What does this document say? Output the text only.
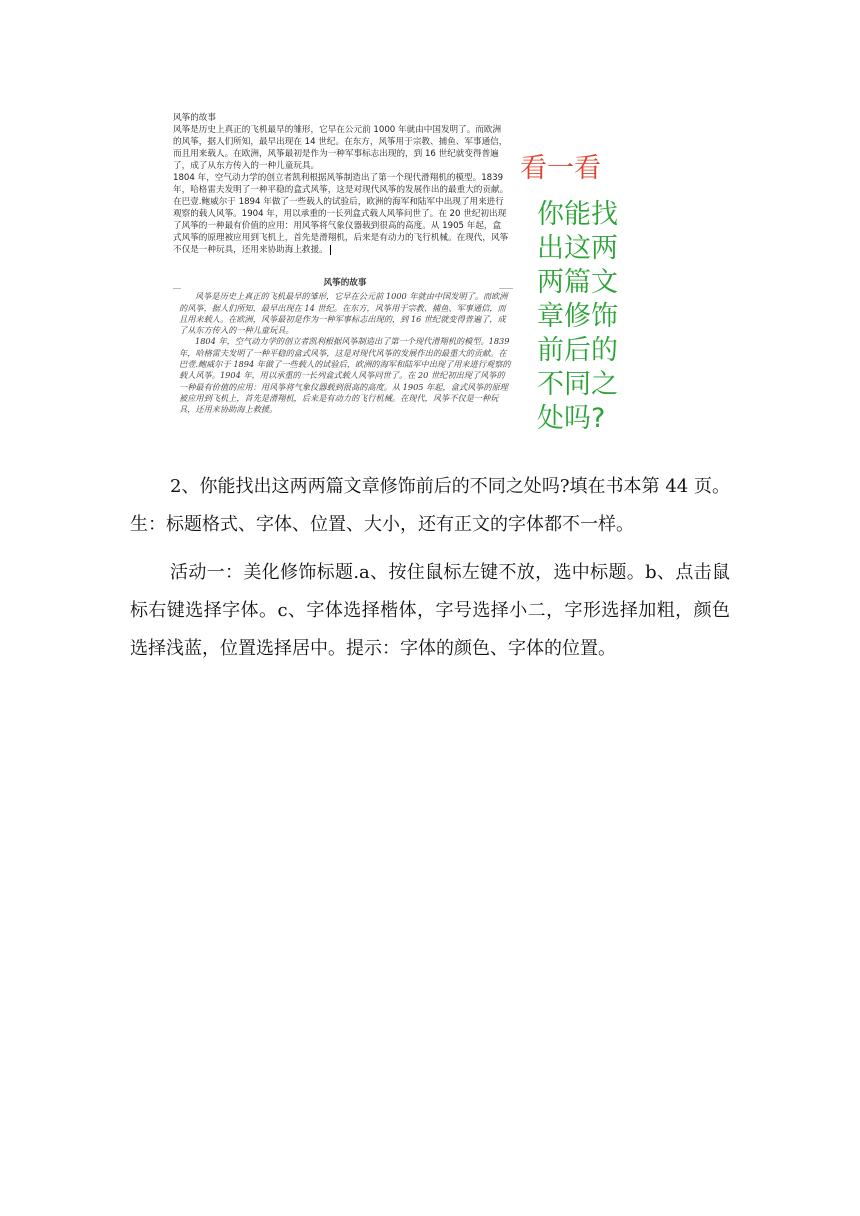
风筝的故事

风筝是历史上真正的飞机最早的雏形，它早在公元前 1000 年就由中国发明了。而欧洲的风筝，据人们所知，最早出现在 14 世纪。在东方，风筝用于宗教、捕鱼、军事通信，而且用来载人。在欧洲，风筝最初是作为一种军事标志出现的，到 16 世纪就变得普遍了，成了从东方传入的一种儿童玩具。

1804 年，空气动力学的创立者凯利根据风筝制造出了第一个现代滑翔机的模型。1839 年，哈格雷夫发明了一种平稳的盒式风筝，这是对现代风筝的发展作出的最重大的贡献。在巴壹.鲍威尔于 1894 年做了一些载人的试验后，欧洲的海军和陆军中出现了用来进行观察的载人风筝。1904 年，用以承重的一长列盒式载人风筝问世了。在 20 世纪初出现了风筝的一种最有价值的应用：用风筝将气象仪器载到很高的高度。从 1905 年起，盒式风筝的原理被应用到飞机上，首先是滑翔机，后来是有动力的飞行机械。在现代，风筝不仅是一种玩具，还用来协助海上救援。

风筝的故事

风筝是历史上真正的飞机最早的雏形，它早在公元前 1000 年就由中国发明了。而欧洲的风筝，据人们所知，最早出现在 14 世纪。在东方，风筝用于宗教、捕鱼、军事通信，而且用来载人。在欧洲，风筝最初是作为一种军事标志出现的，到 16 世纪就变得普遍了，成了从东方传入的一种儿童玩具。

1804 年，空气动力学的创立者凯利根据风筝制造出了第一个现代滑翔机的模型。1839 年，哈格雷夫发明了一种平稳的盒式风筝，这是对现代风筝的发展作出的最重大的贡献。在巴壹.鲍威尔于 1894 年做了一些载人的试验后，欧洲的海军和陆军中出现了用来进行观察的载人风筝。1904 年，用以承重的一长列盒式载人风筝问世了。在 20 世纪初出现了风筝的一种最有价值的应用：用风筝将气象仪器载到很高的高度。从 1905 年起，盒式风筝的原理被应用到飞机上，首先是滑翔机，后来是有动力的飞行机械。在现代，风筝不仅是一种玩具，还用来协助海上救援。

看一看
你能找出这两两篇文章修饰前后的不同之处吗?

2、你能找出这两两篇文章修饰前后的不同之处吗?填在书本第 44 页。生：标题格式、字体、位置、大小，还有正文的字体都不一样。

活动一：美化修饰标题.a、按住鼠标左键不放，选中标题。b、点击鼠标右键选择字体。c、字体选择楷体，字号选择小二，字形选择加粗，颜色选择浅蓝，位置选择居中。提示：字体的颜色、字体的位置。
